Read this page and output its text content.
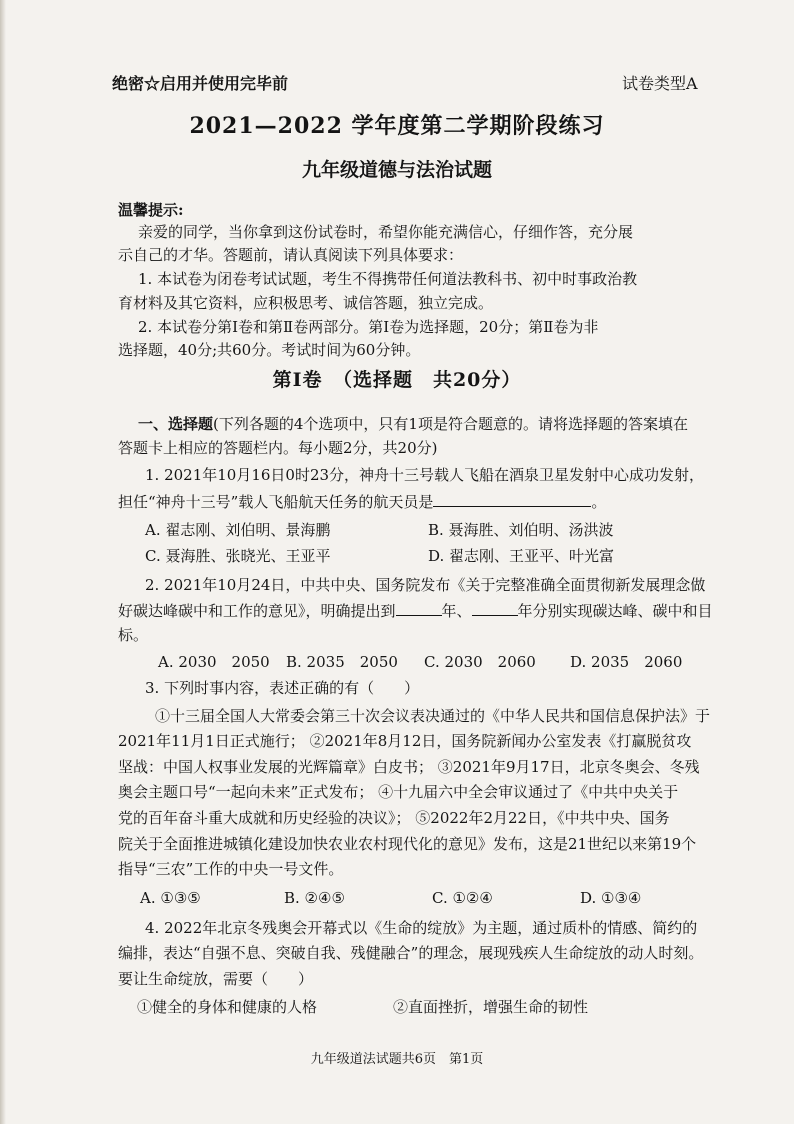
绝密☆启用并使用完毕前	试卷类型A
2021—2022 学年度第二学期阶段练习
九年级道德与法治试题
温馨提示:
亲爱的同学，当你拿到这份试卷时，希望你能充满信心，仔细作答，充分展
示自己的才华。答题前，请认真阅读下列具体要求：
1. 本试卷为闭卷考试试题，考生不得携带任何道法教科书、初中时事政治教
育材料及其它资料，应积极思考、诚信答题，独立完成。
2. 本试卷分第Ⅰ卷和第Ⅱ卷两部分。第Ⅰ卷为选择题，20分；第Ⅱ卷为非
选择题，40分;共60分。考试时间为60分钟。
第Ⅰ卷　（选择题　共20分）
一、选择题(下列各题的4个选项中，只有1项是符合题意的。请将选择题的答案填在
答题卡上相应的答题栏内。每小题2分，共20分)
1. 2021年10月16日0时23分，神舟十三号载人飞船在酒泉卫星发射中心成功发射，
担任“神舟十三号”载人飞船航天任务的航天员是	。
A. 翟志刚、刘伯明、景海鹏	B. 聂海胜、刘伯明、汤洪波
C. 聂海胜、张晓光、王亚平	D. 翟志刚、王亚平、叶光富
2. 2021年10月24日，中共中央、国务院发布《关于完整准确全面贯彻新发展理念做
好碳达峰碳中和工作的意见》，明确提出到	年、	年分别实现碳达峰、碳中和目
标。
A. 2030　2050 B. 2035　2050 C. 2030　2060 D. 2035　2060
3. 下列时事内容，表述正确的有（　　）
①十三届全国人大常委会第三十次会议表决通过的《中华人民共和国信息保护法》于
2021年11月1日正式施行； ②2021年8月12日，国务院新闻办公室发表《打赢脱贫攻
坚战：中国人权事业发展的光辉篇章》白皮书； ③2021年9月17日，北京冬奥会、冬残
奥会主题口号“一起向未来”正式发布； ④十九届六中全会审议通过了《中共中央关于
党的百年奋斗重大成就和历史经验的决议》； ⑤2022年2月22日，《中共中央、国务
院关于全面推进城镇化建设加快农业农村现代化的意见》发布，这是21世纪以来第19个
指导“三农”工作的中央一号文件。
A. ①③⑤	B. ②④⑤	C. ①②④	D. ①③④
4. 2022年北京冬残奥会开幕式以《生命的绽放》为主题，通过质朴的情感、简约的
编排，表达“自强不息、突破自我、残健融合”的理念，展现残疾人生命绽放的动人时刻。
要让生命绽放，需要（　　）
①健全的身体和健康的人格	②直面挫折，增强生命的韧性
九年级道法试题共6页　第1页
